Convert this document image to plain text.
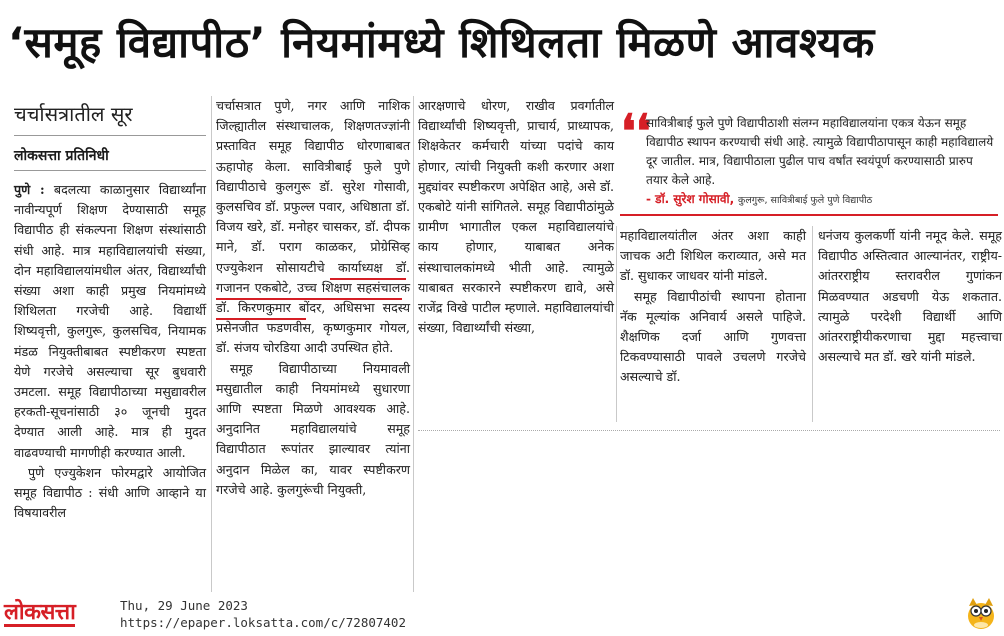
‘समूह विद्यापीठ’ नियमांमध्ये शिथिलता मिळणे आवश्यक
चर्चासत्रातील सूर
लोकसत्ता प्रतिनिधी

पुणे : बदलत्या काळानुसार विद्यार्थ्यांना नावीन्यपूर्ण शिक्षण देण्यासाठी समूह विद्यापीठ ही संकल्पना शिक्षण संस्थांसाठी संधी आहे. मात्र महाविद्यालयांची संख्या, दोन महाविद्यालयांमधील अंतर, विद्यार्थ्यांची संख्या अशा काही प्रमुख नियमांमध्ये शिथिलता गरजेची आहे. विद्यार्थी शिष्यवृत्ती, कुलगुरू, कुलसचिव, नियामक मंडळ नियुक्तीबाबत स्पष्टीकरण स्पष्टता येणे गरजेचे असल्याचा सूर बुधवारी उमटला. समूह विद्यापीठाच्या मसुद्यावरील हरकती-सूचनांसाठी ३० जूनची मुदत देण्यात आली आहे. मात्र ही मुदत वाढवण्याची मागणीही करण्यात आली.

पुणे एज्युकेशन फोरमद्वारे आयोजित समूह विद्यापीठ : संधी आणि आव्हाने या विषयावरील

चर्चासत्रात पुणे, नगर आणि नाशिक जिल्ह्यातील संस्थाचालक, शिक्षणतज्ज्ञांनी प्रस्तावित समूह विद्यापीठ धोरणाबाबत ऊहापोह केला. सावित्रीबाई फुले पुणे विद्यापीठाचे कुलगुरू डॉ. सुरेश गोसावी, कुलसचिव डॉ. प्रफुल्ल पवार, अधिष्ठाता डॉ. विजय खरे, डॉ. मनोहर चासकर, डॉ. दीपक माने, डॉ. पराग काळकर, प्रोग्रेसिव्ह एज्युकेशन सोसायटीचे कार्याध्यक्ष डॉ. गजानन एकबोटे, उच्च शिक्षण सहसंचालक डॉ. किरणकुमार बोंदर, अधिसभा सदस्य प्रसेनजीत फडणवीस, कृष्णकुमार गोयल, डॉ. संजय चोरडिया आदी उपस्थित होते.

समूह विद्यापीठाच्या नियमावली मसुद्यातील काही नियमांमध्ये सुधारणा आणि स्पष्टता मिळणे आवश्यक आहे. अनुदानित महाविद्यालयांचे समूह विद्यापीठात रूपांतर झाल्यावर त्यांना अनुदान मिळेल का, यावर स्पष्टीकरण गरजेचे आहे. कुलगुरूंची नियुक्ती,

आरक्षणाचे धोरण, राखीव प्रवर्गातील विद्यार्थ्यांची शिष्यवृत्ती, प्राचार्य, प्राध्यापक, शिक्षकेतर कर्मचारी यांच्या पदांचे काय होणार, त्यांची नियुक्ती कशी करणार अशा मुद्द्यांवर स्पष्टीकरण अपेक्षित आहे, असे डॉ. एकबोटे यांनी सांगितले. समूह विद्यापीठांमुळे ग्रामीण भागातील एकल महाविद्यालयांचे काय होणार, याबाबत अनेक संस्थाचालकांमध्ये भीती आहे. त्यामुळे याबाबत सरकारने स्पष्टीकरण द्यावे, असे राजेंद्र विखे पाटील म्हणाले. महाविद्यालयांची संख्या, विद्यार्थ्यांची संख्या,

❛❛
सावित्रीबाई फुले पुणे विद्यापीठाशी संलग्न महाविद्यालयांना एकत्र येऊन समूह विद्यापीठ स्थापन करण्याची संधी आहे. त्यामुळे विद्यापीठापासून काही महाविद्यालये दूर जातील. मात्र, विद्यापीठाला पुढील पाच वर्षांत स्वयंपूर्ण करण्यासाठी प्रारुप तयार केले आहे.
- डॉ. सुरेश गोसावी, कुलगुरू, सावित्रीबाई फुले पुणे विद्यापीठ

महाविद्यालयांतील अंतर अशा काही जाचक अटी शिथिल कराव्यात, असे मत डॉ. सुधाकर जाधवर यांनी मांडले.

समूह विद्यापीठांची स्थापना होताना नॅक मूल्यांक अनिवार्य असले पाहिजे. शैक्षणिक दर्जा आणि गुणवत्ता टिकवण्यासाठी पावले उचलणे गरजेचे असल्याचे डॉ.

धनंजय कुलकर्णी यांनी नमूद केले. समूह विद्यापीठ अस्तित्वात आल्यानंतर, राष्ट्रीय-आंतरराष्ट्रीय स्तरावरील गुणांकन मिळवण्यात अडचणी येऊ शकतात. त्यामुळे परदेशी विद्यार्थी आणि आंतरराष्ट्रीयीकरणाचा मुद्दा महत्त्वाचा असल्याचे मत डॉ. खरे यांनी मांडले.

लोकसत्ता	Thu, 29 June 2023
https://epaper.loksatta.com/c/72807402
